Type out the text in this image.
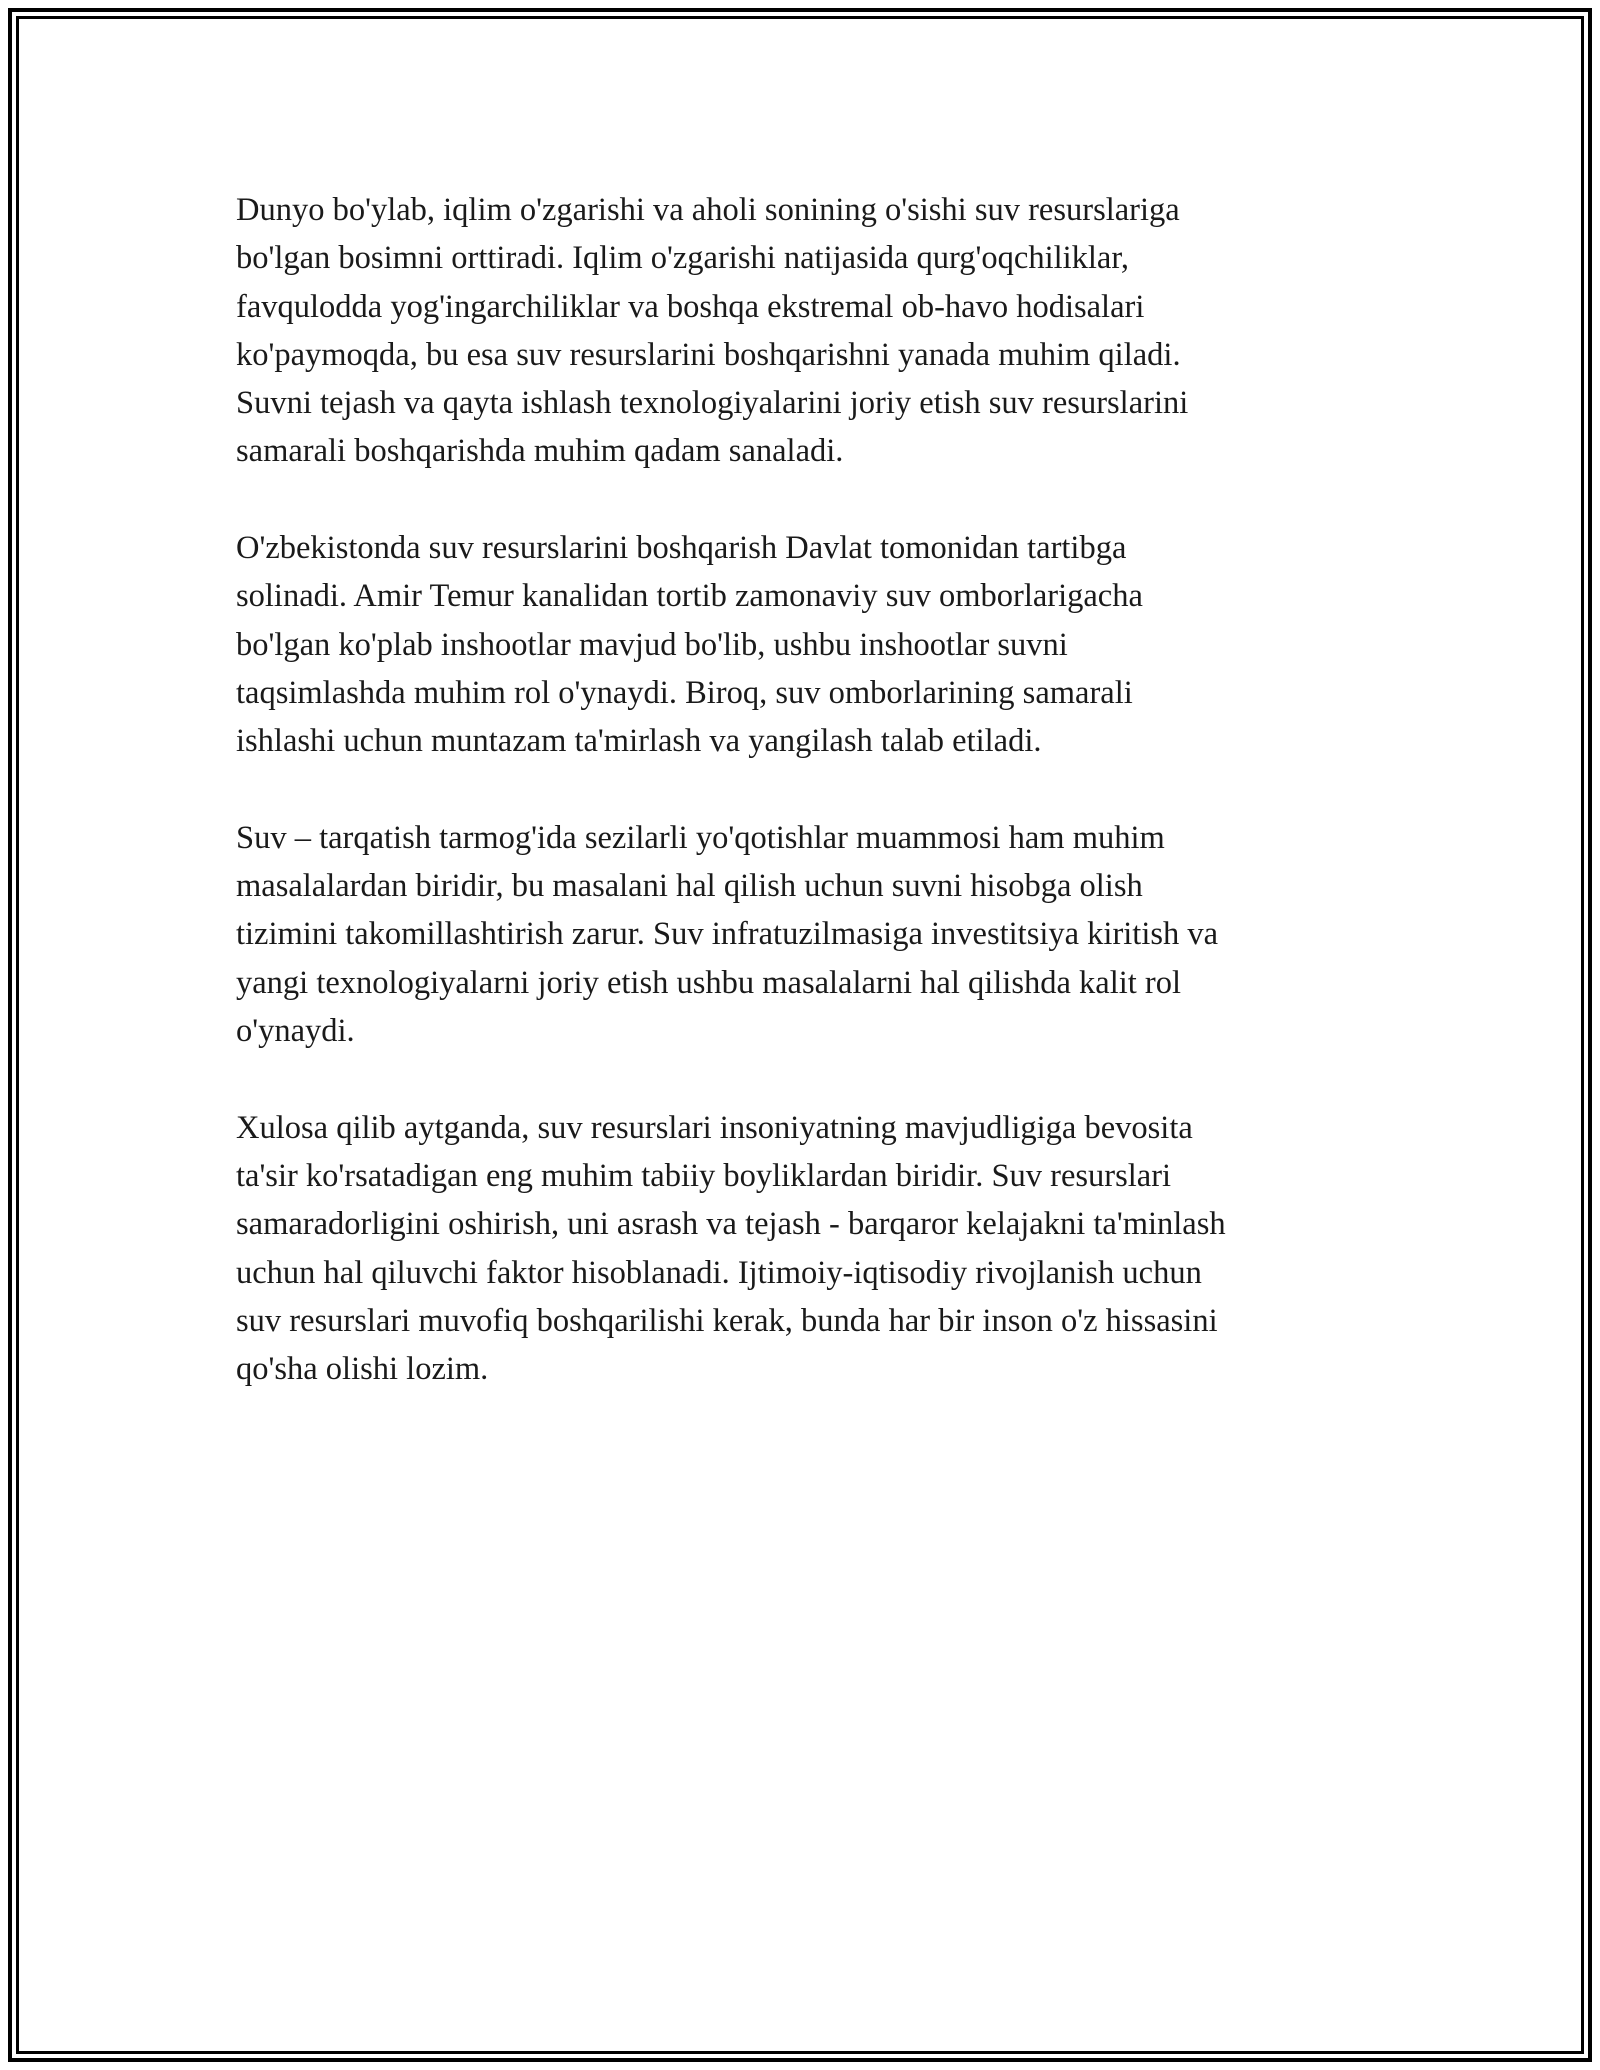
Dunyo bo'ylab, iqlim o'zgarishi va aholi sonining o'sishi suv resurslariga
bo'lgan bosimni orttiradi. Iqlim o'zgarishi natijasida qurg'oqchiliklar,
favqulodda yog'ingarchiliklar va boshqa ekstremal ob-havo hodisalari
ko'paymoqda, bu esa suv resurslarini boshqarishni yanada muhim qiladi.
Suvni tejash va qayta ishlash texnologiyalarini joriy etish suv resurslarini
samarali boshqarishda muhim qadam sanaladi.

O'zbekistonda suv resurslarini boshqarish Davlat tomonidan tartibga
solinadi. Amir Temur kanalidan tortib zamonaviy suv omborlarigacha
bo'lgan ko'plab inshootlar mavjud bo'lib, ushbu inshootlar suvni
taqsimlashda muhim rol o'ynaydi. Biroq, suv omborlarining samarali
ishlashi uchun muntazam ta'mirlash va yangilash talab etiladi.

Suv – tarqatish tarmog'ida sezilarli yo'qotishlar muammosi ham muhim
masalalardan biridir, bu masalani hal qilish uchun suvni hisobga olish
tizimini takomillashtirish zarur. Suv infratuzilmasiga investitsiya kiritish va
yangi texnologiyalarni joriy etish ushbu masalalarni hal qilishda kalit rol
o'ynaydi.

Xulosa qilib aytganda, suv resurslari insoniyatning mavjudligiga bevosita
ta'sir ko'rsatadigan eng muhim tabiiy boyliklardan biridir. Suv resurslari
samaradorligini oshirish, uni asrash va tejash - barqaror kelajakni ta'minlash
uchun hal qiluvchi faktor hisoblanadi. Ijtimoiy-iqtisodiy rivojlanish uchun
suv resurslari muvofiq boshqarilishi kerak, bunda har bir inson o'z hissasini
qo'sha olishi lozim.
